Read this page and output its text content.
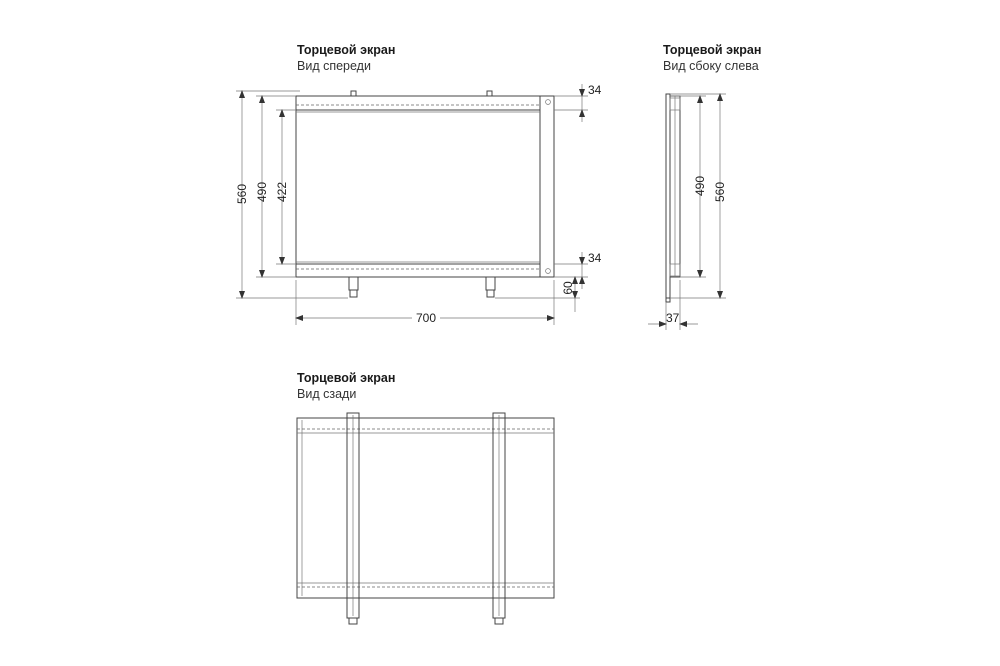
Торцевой экран
Вид спереди
Торцевой экран
Вид сбоку слева
Торцевой экран
Вид сзади
560 490 422
34
34
60
700
490 560
37
